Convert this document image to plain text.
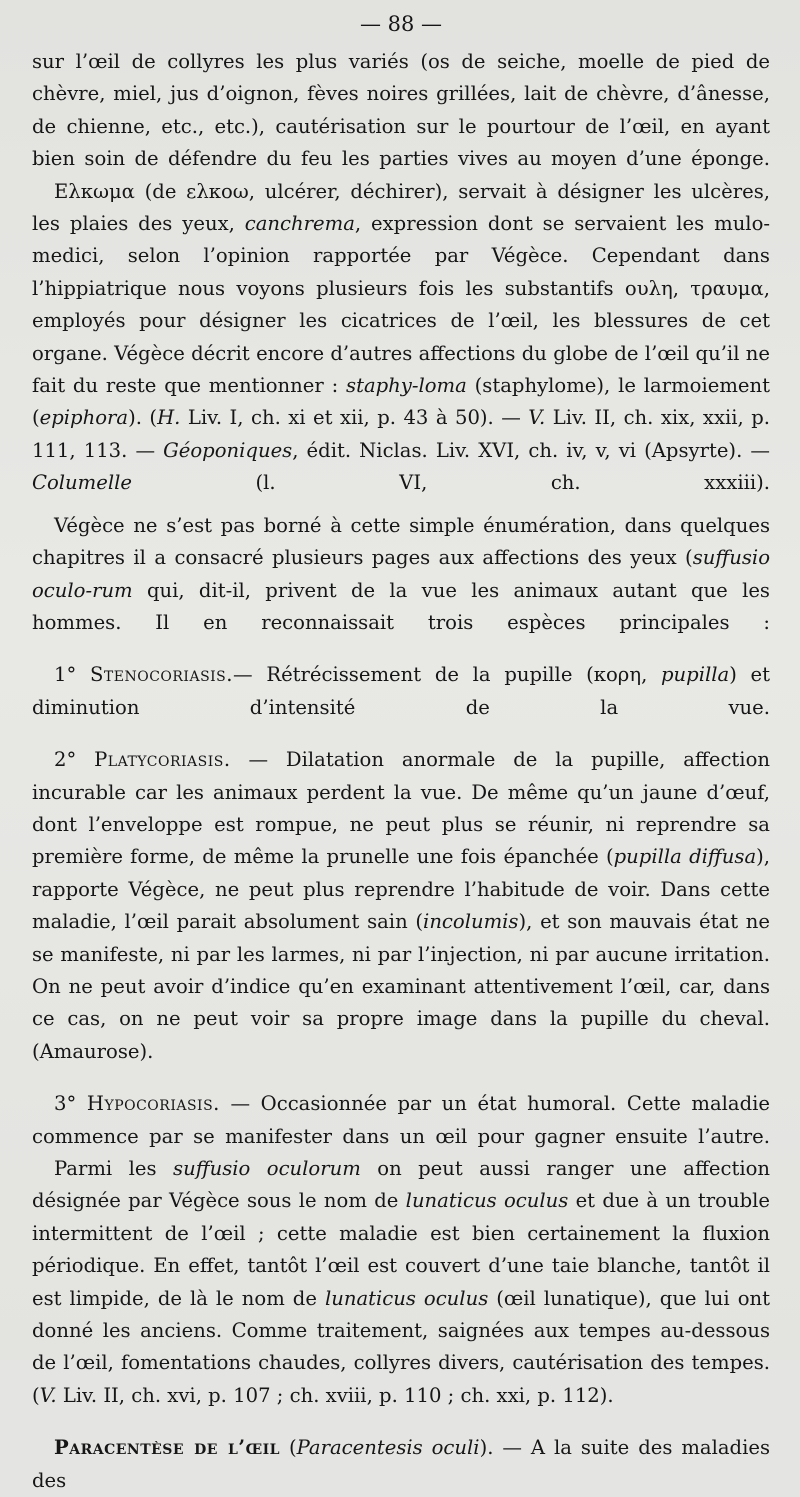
— 88 —

sur l’œil de collyres les plus variés (os de seiche, moelle de pied de chèvre, miel, jus d’oignon, fèves noires grillées, lait de chèvre, d’ânesse, de chienne, etc., etc.), cautérisation sur le pourtour de l’œil, en ayant bien soin de défendre du feu les parties vives au moyen d’une éponge.

Ελκωμα (de ελκοω, ulcérer, déchirer), servait à désigner les ulcères, les plaies des yeux, canchrema, expression dont se servaient les mulo-medici, selon l’opinion rapportée par Végèce. Cependant dans l’hippiatrique nous voyons plusieurs fois les substantifs ουλη, τραυμα, employés pour désigner les cicatrices de l’œil, les blessures de cet organe. Végèce décrit encore d’autres affections du globe de l’œil qu’il ne fait du reste que mentionner : staphy-loma (staphylome), le larmoiement (epiphora). (H. Liv. I, ch. xi et xii, p. 43 à 50). — V. Liv. II, ch. xix, xxii, p. 111, 113. — Géoponiques, édit. Niclas. Liv. XVI, ch. iv, v, vi (Apsyrte). — Columelle (l. VI, ch. xxxiii).

Végèce ne s’est pas borné à cette simple énumération, dans quelques chapitres il a consacré plusieurs pages aux affections des yeux (suffusio oculo-rum qui, dit-il, privent de la vue les animaux autant que les hommes. Il en reconnaissait trois espèces principales :

1° Stenocoriasis.— Rétrécissement de la pupille (κορη, pupilla) et diminution d’intensité de la vue.

2° Platycoriasis. — Dilatation anormale de la pupille, affection incurable car les animaux perdent la vue. De même qu’un jaune d’œuf, dont l’enveloppe est rompue, ne peut plus se réunir, ni reprendre sa première forme, de même la prunelle une fois épanchée (pupilla diffusa), rapporte Végèce, ne peut plus reprendre l’habitude de voir. Dans cette maladie, l’œil parait absolument sain (incolumis), et son mauvais état ne se manifeste, ni par les larmes, ni par l’injection, ni par aucune irritation. On ne peut avoir d’indice qu’en examinant attentivement l’œil, car, dans ce cas, on ne peut voir sa propre image dans la pupille du cheval. (Amaurose).

3° Hypocoriasis. — Occasionnée par un état humoral. Cette maladie commence par se manifester dans un œil pour gagner ensuite l’autre.

Parmi les suffusio oculorum on peut aussi ranger une affection désignée par Végèce sous le nom de lunaticus oculus et due à un trouble intermittent de l’œil ; cette maladie est bien certainement la fluxion périodique. En effet, tantôt l’œil est couvert d’une taie blanche, tantôt il est limpide, de là le nom de lunaticus oculus (œil lunatique), que lui ont donné les anciens. Comme traitement, saignées aux tempes au-dessous de l’œil, fomentations chaudes, collyres divers, cautérisation des tempes. (V. Liv. II, ch. xvi, p. 107 ; ch. xviii, p. 110 ; ch. xxi, p. 112).

Paracentèse de l’œil (Paracentesis oculi). — A la suite des maladies des
